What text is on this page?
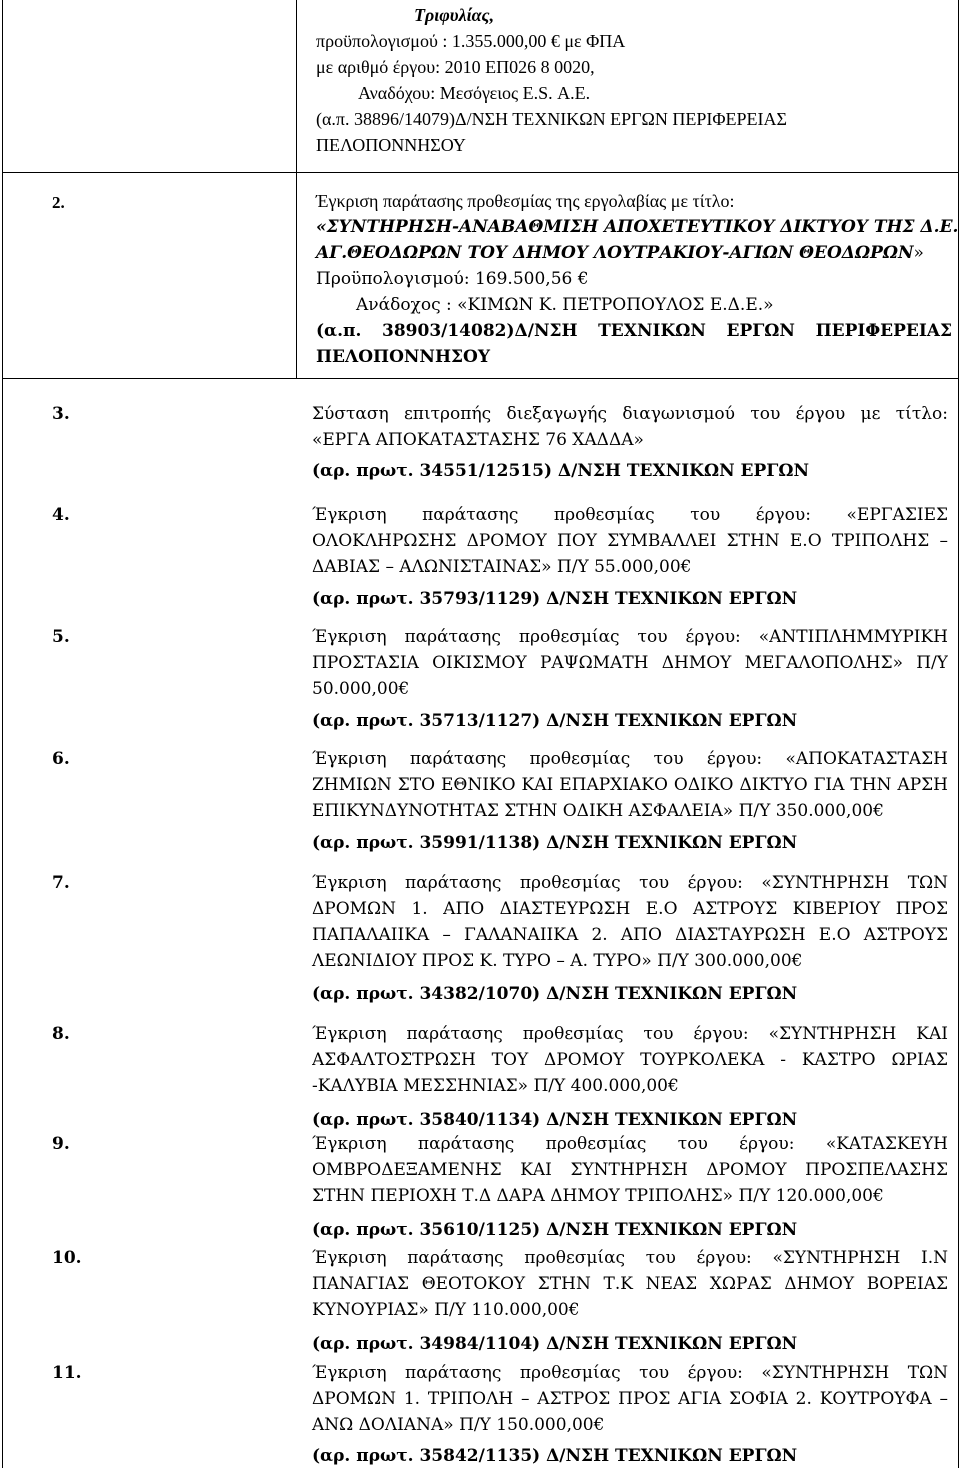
Τριφυλίας,
προϋπολογισμού : 1.355.000,00 € με ΦΠΑ
με αριθμό έργου: 2010 ΕΠ026 8 0020,
Αναδόχου: Μεσόγειος Ε.S. Α.Ε.
(α.π. 38896/14079)Δ/ΝΣΗ ΤΕΧΝΙΚΩΝ ΕΡΓΩΝ ΠΕΡΙΦΕΡΕΙΑΣ
ΠΕΛΟΠΟΝΝΗΣΟΥ
2.	Έγκριση παράτασης προθεσμίας της εργολαβίας με τίτλο:
«ΣΥΝΤΗΡΗΣΗ-ΑΝΑΒΑΘΜΙΣΗ ΑΠΟΧΕΤΕΥΤΙΚΟΥ ΔΙΚΤΥΟΥ ΤΗΣ Δ.Ε.
ΑΓ.ΘΕΟΔΩΡΩΝ ΤΟΥ ΔΗΜΟΥ ΛΟΥΤΡΑΚΙΟΥ-ΑΓΙΩΝ ΘΕΟΔΩΡΩΝ»
Προϋπολογισμού: 169.500,56 €
Ανάδοχος : «ΚΙΜΩΝ Κ. ΠΕΤΡΟΠΟΥΛΟΣ Ε.Δ.Ε.»
(α.π. 38903/14082)Δ/ΝΣΗ ΤΕΧΝΙΚΩΝ ΕΡΓΩΝ ΠΕΡΙΦΕΡΕΙΑΣ
ΠΕΛΟΠΟΝΝΗΣΟΥ
3.	Σύσταση επιτροπής διεξαγωγής διαγωνισμού του έργου με τίτλο:
«ΕΡΓΑ ΑΠΟΚΑΤΑΣΤΑΣΗΣ 76 ΧΑΔΔΑ»
(αρ. πρωτ. 34551/12515) Δ/ΝΣΗ ΤΕΧΝΙΚΩΝ ΕΡΓΩΝ
4.	Έγκριση παράτασης προθεσμίας του έργου: «ΕΡΓΑΣΙΕΣ
ΟΛΟΚΛΗΡΩΣΗΣ ΔΡΟΜΟΥ ΠΟΥ ΣΥΜΒΑΛΛΕΙ ΣΤΗΝ Ε.Ο ΤΡΙΠΟΛΗΣ –
ΔΑΒΙΑΣ – ΑΛΩΝΙΣΤΑΙΝΑΣ» Π/Υ 55.000,00€
(αρ. πρωτ. 35793/1129) Δ/ΝΣΗ ΤΕΧΝΙΚΩΝ ΕΡΓΩΝ
5.	Έγκριση παράτασης προθεσμίας του έργου: «ΑΝΤΙΠΛΗΜΜΥΡΙΚΗ
ΠΡΟΣΤΑΣΙΑ ΟΙΚΙΣΜΟΥ ΡΑΨΩΜΑΤΗ ΔΗΜΟΥ ΜΕΓΑΛΟΠΟΛΗΣ» Π/Υ
50.000,00€
(αρ. πρωτ. 35713/1127) Δ/ΝΣΗ ΤΕΧΝΙΚΩΝ ΕΡΓΩΝ
6.	Έγκριση παράτασης προθεσμίας του έργου: «ΑΠΟΚΑΤΑΣΤΑΣΗ
ΖΗΜΙΩΝ ΣΤΟ ΕΘΝΙΚΟ ΚΑΙ ΕΠΑΡΧΙΑΚΟ ΟΔΙΚΟ ΔΙΚΤΥΟ ΓΙΑ ΤΗΝ ΑΡΣΗ
ΕΠΙΚΥΝΔΥΝΟΤΗΤΑΣ ΣΤΗΝ ΟΔΙΚΗ ΑΣΦΑΛΕΙΑ» Π/Υ 350.000,00€
(αρ. πρωτ. 35991/1138) Δ/ΝΣΗ ΤΕΧΝΙΚΩΝ ΕΡΓΩΝ
7.	Έγκριση παράτασης προθεσμίας του έργου: «ΣΥΝΤΗΡΗΣΗ ΤΩΝ
ΔΡΟΜΩΝ 1. ΑΠΟ ΔΙΑΣΤΕΥΡΩΣΗ Ε.Ο ΑΣΤΡΟΥΣ ΚΙΒΕΡΙΟΥ ΠΡΟΣ
ΠΑΠΑΛΑΙΙΚΑ – ΓΑΛΑΝΑΙΙΚΑ 2. ΑΠΟ ΔΙΑΣΤΑΥΡΩΣΗ Ε.Ο ΑΣΤΡΟΥΣ
ΛΕΩΝΙΔΙΟΥ ΠΡΟΣ Κ. ΤΥΡΟ – Α. ΤΥΡΟ» Π/Υ 300.000,00€
(αρ. πρωτ. 34382/1070) Δ/ΝΣΗ ΤΕΧΝΙΚΩΝ ΕΡΓΩΝ
8.	Έγκριση παράτασης προθεσμίας του έργου: «ΣΥΝΤΗΡΗΣΗ ΚΑΙ
ΑΣΦΑΛΤΟΣΤΡΩΣΗ ΤΟΥ ΔΡΟΜΟΥ ΤΟΥΡΚΟΛΕΚΑ - ΚΑΣΤΡΟ ΩΡΙΑΣ
-ΚΑΛΥΒΙΑ ΜΕΣΣΗΝΙΑΣ» Π/Υ 400.000,00€
(αρ. πρωτ. 35840/1134) Δ/ΝΣΗ ΤΕΧΝΙΚΩΝ ΕΡΓΩΝ
9.	Έγκριση παράτασης προθεσμίας του έργου: «ΚΑΤΑΣΚΕΥΗ
ΟΜΒΡΟΔΕΞΑΜΕΝΗΣ ΚΑΙ ΣΥΝΤΗΡΗΣΗ ΔΡΟΜΟΥ ΠΡΟΣΠΕΛΑΣΗΣ
ΣΤΗΝ ΠΕΡΙΟΧΗ Τ.Δ ΔΑΡΑ ΔΗΜΟΥ ΤΡΙΠΟΛΗΣ» Π/Υ 120.000,00€
(αρ. πρωτ. 35610/1125) Δ/ΝΣΗ ΤΕΧΝΙΚΩΝ ΕΡΓΩΝ
10.	Έγκριση παράτασης προθεσμίας του έργου: «ΣΥΝΤΗΡΗΣΗ Ι.Ν
ΠΑΝΑΓΙΑΣ ΘΕΟΤΟΚΟΥ ΣΤΗΝ Τ.Κ ΝΕΑΣ ΧΩΡΑΣ ΔΗΜΟΥ ΒΟΡΕΙΑΣ
ΚΥΝΟΥΡΙΑΣ» Π/Υ 110.000,00€
(αρ. πρωτ. 34984/1104) Δ/ΝΣΗ ΤΕΧΝΙΚΩΝ ΕΡΓΩΝ
11.	Έγκριση παράτασης προθεσμίας του έργου: «ΣΥΝΤΗΡΗΣΗ ΤΩΝ
ΔΡΟΜΩΝ 1. ΤΡΙΠΟΛΗ – ΑΣΤΡΟΣ ΠΡΟΣ ΑΓΙΑ ΣΟΦΙΑ 2. ΚΟΥΤΡΟΥΦΑ –
ΑΝΩ ΔΟΛΙΑΝΑ» Π/Υ 150.000,00€
(αρ. πρωτ. 35842/1135) Δ/ΝΣΗ ΤΕΧΝΙΚΩΝ ΕΡΓΩΝ
